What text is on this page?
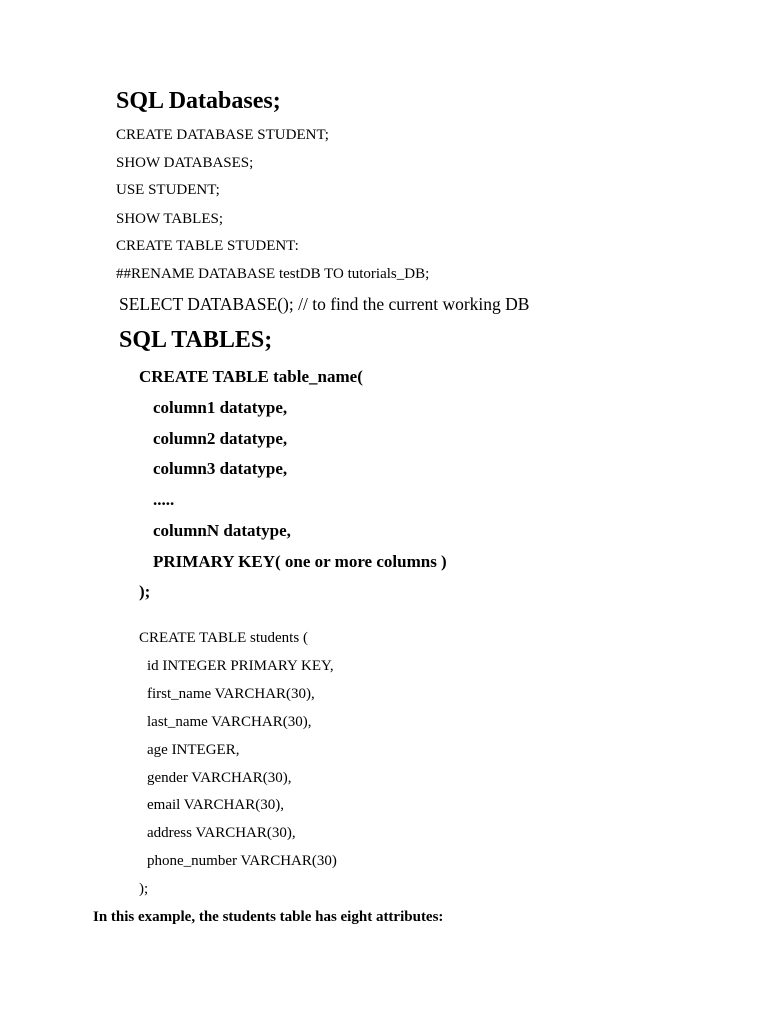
SQL Databases;
CREATE DATABASE STUDENT;
SHOW DATABASES;
USE STUDENT;
SHOW TABLES;
CREATE TABLE STUDENT:
##RENAME DATABASE testDB TO tutorials_DB;
SELECT DATABASE(); // to find the current working DB
SQL TABLES;
CREATE TABLE table_name(
column1 datatype,
column2 datatype,
column3 datatype,
.....
columnN datatype,
PRIMARY KEY( one or more columns )
);
CREATE TABLE students (
id INTEGER PRIMARY KEY,
first_name VARCHAR(30),
last_name VARCHAR(30),
age INTEGER,
gender VARCHAR(30),
email VARCHAR(30),
address VARCHAR(30),
phone_number VARCHAR(30)
);
In this example, the students table has eight attributes:
